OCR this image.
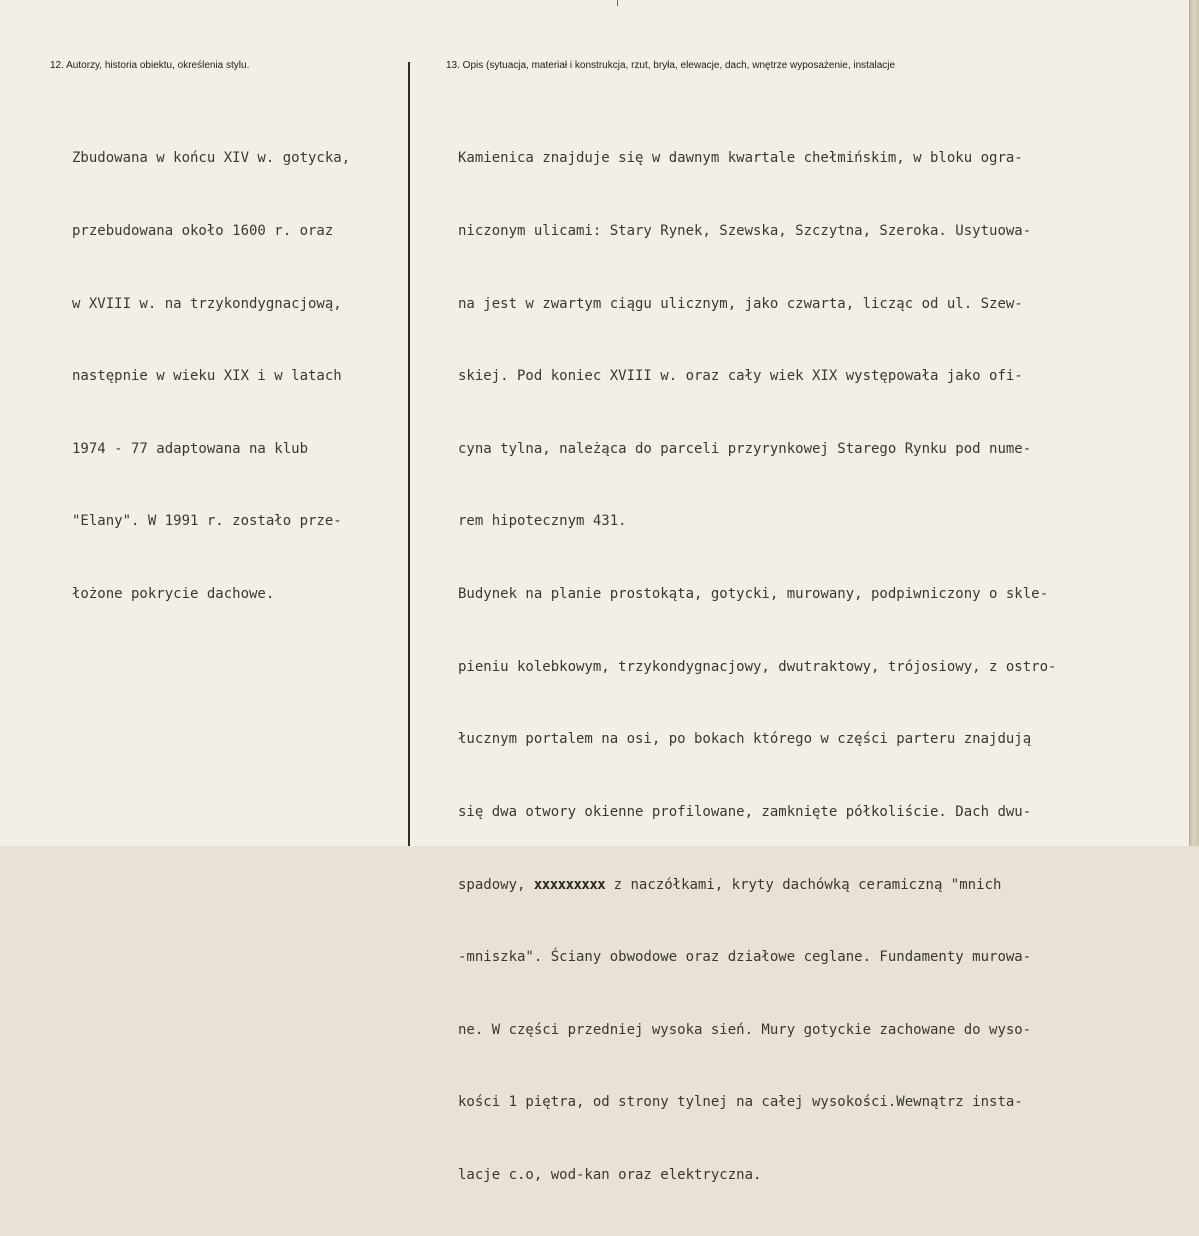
12. Autorzy, historia obiektu, określenia stylu.	13. Opis (sytuacja, materiał i konstrukcja, rzut, bryła, elewacje, dach, wnętrze wyposażenie, instalacje

Zbudowana w końcu XIV w. gotycka,

przebudowana około 1600 r. oraz

w XVIII w. na trzykondygnacjową,

następnie w wieku XIX i w latach

1974 - 77 adaptowana na klub

"Elany". W 1991 r. zostało prze-

łożone pokrycie dachowe.

Kamienica znajduje się w dawnym kwartale chełmińskim, w bloku ogra-

niczonym ulicami: Stary Rynek, Szewska, Szczytna, Szeroka. Usytuowa-

na jest w zwartym ciągu ulicznym, jako czwarta, licząc od ul. Szew-

skiej. Pod koniec XVIII w. oraz cały wiek XIX występowała jako ofi-

cyna tylna, należąca do parceli przyrynkowej Starego Rynku pod nume-

rem hipotecznym 431.

Budynek na planie prostokąta, gotycki, murowany, podpiwniczony o skle-

pieniu kolebkowym, trzykondygnacjowy, dwutraktowy, trójosiowy, z ostro-

łucznym portalem na osi, po bokach którego w części parteru znajdują

się dwa otwory okienne profilowane, zamknięte półkoliście. Dach dwu-

spadowy, xxxxxxxxx z naczółkami, kryty dachówką ceramiczną "mnich

-mniszka". Ściany obwodowe oraz działowe ceglane. Fundamenty murowa-

ne. W części przedniej wysoka sień. Mury gotyckie zachowane do wyso-

kości 1 piętra, od strony tylnej na całej wysokości.Wewnątrz insta-

lacje c.o, wod-kan oraz elektryczna.
